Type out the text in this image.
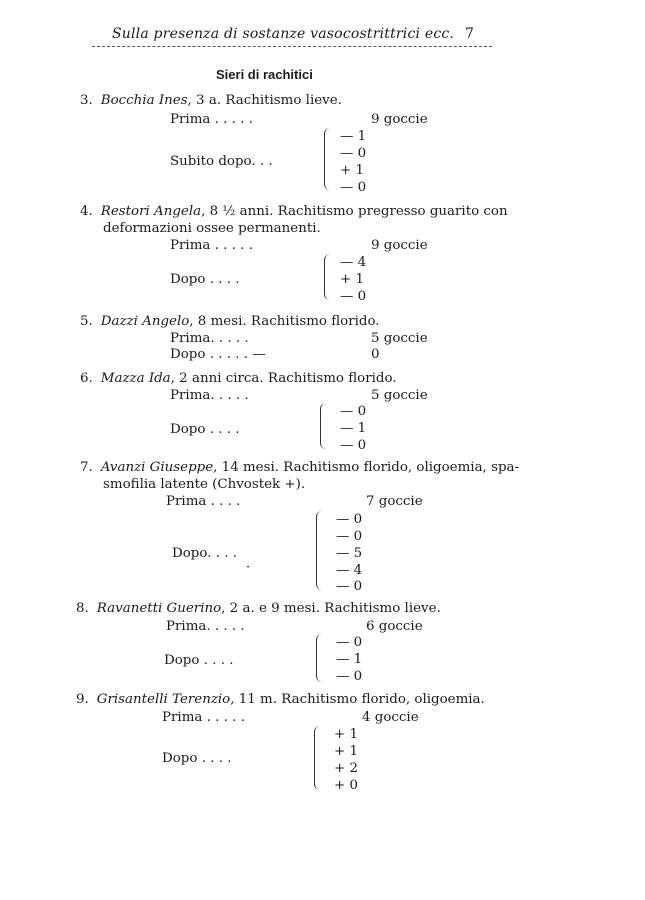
Sulla presenza di sostanze vasocostrittrici ecc. 7
Sieri di rachitici
3. Bocchia Ines, 3 a. Rachitismo lieve.
Prima . . . . .	9 goccie
Subito dopo. . .
— 1
— 0
+ 1
— 0
4. Restori Angela, 8 ½ anni. Rachitismo pregresso guarito con
deformazioni ossee permanenti.
Prima . . . . .	9 goccie
Dopo . . . .
— 4
+ 1
— 0
5. Dazzi Angelo, 8 mesi. Rachitismo florido.
Prima. . . . .	5 goccie
Dopo . . . . . —	0
6. Mazza Ida, 2 anni circa. Rachitismo florido.
Prima. . . . .	5 goccie
Dopo . . . .
— 0
— 1
— 0
7. Avanzi Giuseppe, 14 mesi. Rachitismo florido, oligoemia, spa-
smofilia latente (Chvostek +).
Prima . . . .	7 goccie
Dopo. . . .
·
— 0
— 0
— 5
— 4
— 0
8. Ravanetti Guerino, 2 a. e 9 mesi. Rachitismo lieve.
Prima. . . . .	6 goccie
Dopo . . . .
— 0
— 1
— 0
9. Grisantelli Terenzio, 11 m. Rachitismo florido, oligoemia.
Prima . . . . .	4 goccie
Dopo . . . .
+ 1
+ 1
+ 2
+ 0
